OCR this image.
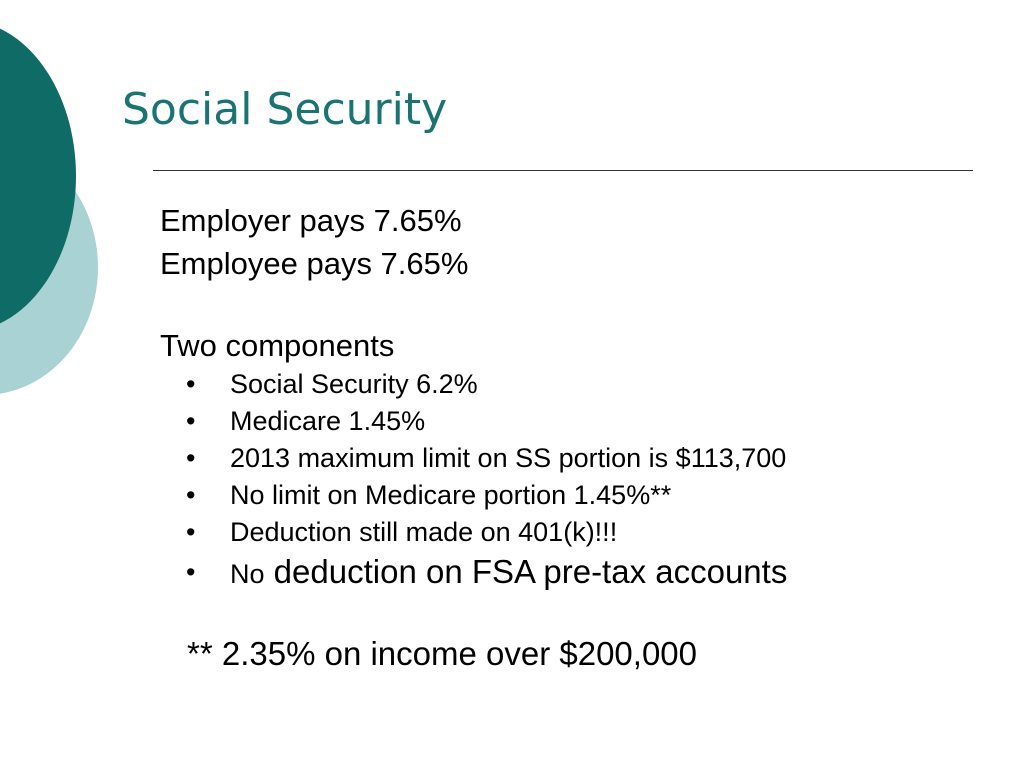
Social Security
Employer pays 7.65%
Employee pays 7.65%
Two components
• Social Security 6.2%
• Medicare 1.45%
• 2013 maximum limit on SS portion is $113,700
• No limit on Medicare portion 1.45%**
• Deduction still made on 401(k)!!!
• No deduction on FSA pre-tax accounts
** 2.35% on income over $200,000
